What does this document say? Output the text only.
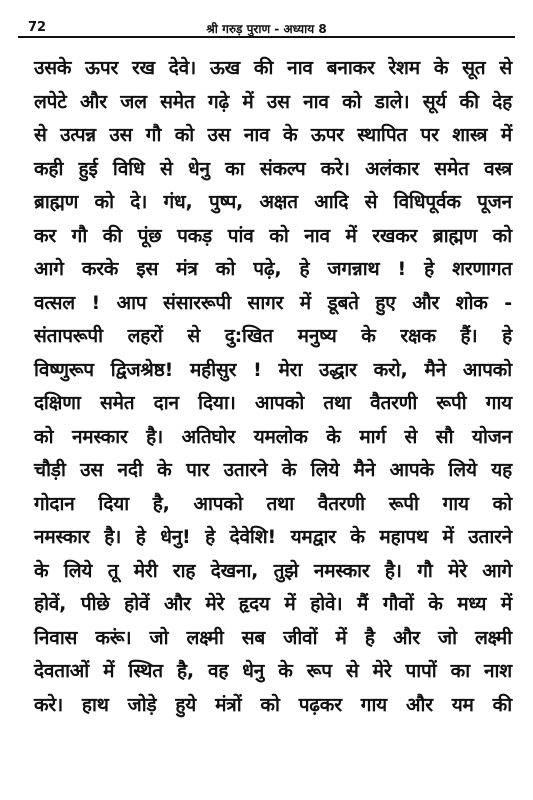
72	श्री गरुड़ पुराण - अध्याय 8
उसके ऊपर रख देवे। ऊख की नाव बनाकर रेशम के सूत से
लपेटे और जल समेत गढ़े में उस नाव को डाले। सूर्य की देह
से उत्पन्न उस गौ को उस नाव के ऊपर स्थापित पर शास्त्र में
कही हुई विधि से धेनु का संकल्प करे। अलंकार समेत वस्त्र
ब्राह्मण को दे। गंध, पुष्प, अक्षत आदि से विधिपूर्वक पूजन
कर गौ की पूंछ पकड़ पांव को नाव में रखकर ब्राह्मण को
आगे करके इस मंत्र को पढ़े, हे जगन्नाथ ! हे शरणागत
वत्सल ! आप संसाररूपी सागर में डूबते हुए और शोक -
संतापरूपी लहरों से दु:खित मनुष्य के रक्षक हैं। हे
विष्णुरूप द्विजश्रेष्ठ! महीसुर ! मेरा उद्धार करो, मैने आपको
दक्षिणा समेत दान दिया। आपको तथा वैतरणी रूपी गाय
को नमस्कार है। अतिघोर यमलोक के मार्ग से सौ योजन
चौड़ी उस नदी के पार उतारने के लिये मैने आपके लिये यह
गोदान दिया है, आपको तथा वैतरणी रूपी गाय को
नमस्कार है। हे धेनु! हे देवेशि! यमद्वार के महापथ में उतारने
के लिये तू मेरी राह देखना, तुझे नमस्कार है। गौ मेरे आगे
होवें, पीछे होवें और मेरे हृदय में होवे। मैं गौवों के मध्य में
निवास करूं। जो लक्ष्मी सब जीवों में है और जो लक्ष्मी
देवताओं में स्थित है, वह धेनु के रूप से मेरे पापों का नाश
करे। हाथ जोड़े हुये मंत्रों को पढ़कर गाय और यम की
